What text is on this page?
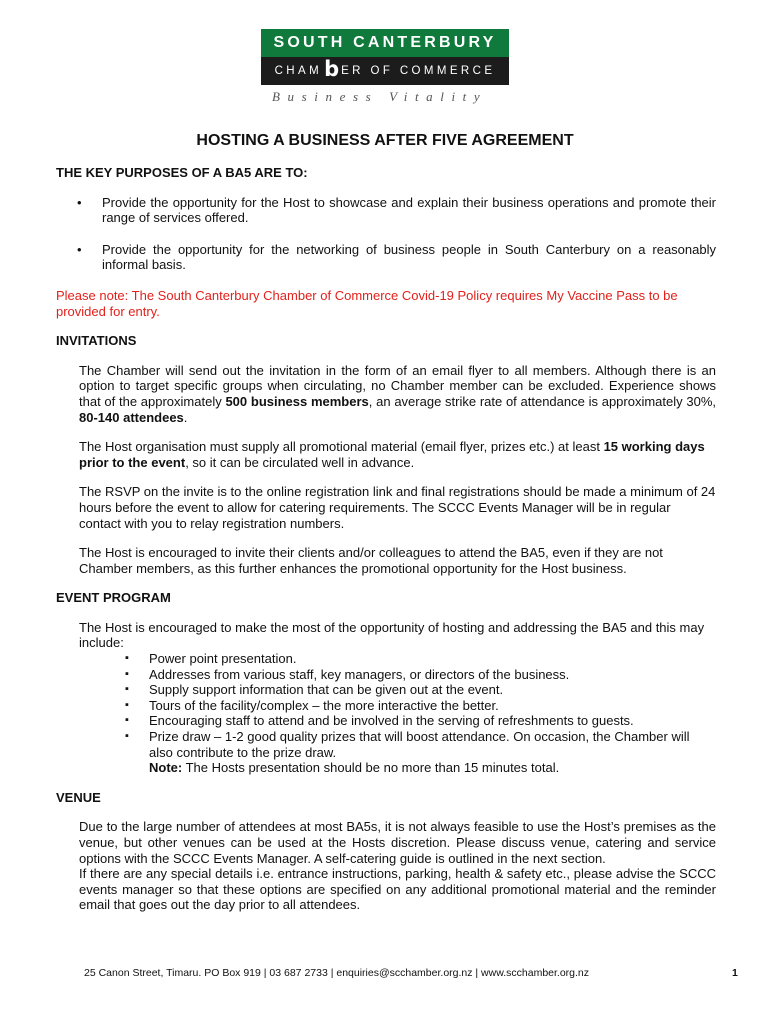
SOUTH CANTERBURY
CHAMb ER OF COMMERCE
Business Vitality
HOSTING A BUSINESS AFTER FIVE AGREEMENT

THE KEY PURPOSES OF A BA5 ARE TO:

• Provide the opportunity for the Host to showcase and explain their business operations and promote their range of services offered.
• Provide the opportunity for the networking of business people in South Canterbury on a reasonably informal basis.

Please note: The South Canterbury Chamber of Commerce Covid-19 Policy requires My Vaccine Pass to be provided for entry.

INVITATIONS

The Chamber will send out the invitation in the form of an email flyer to all members. Although there is an option to target specific groups when circulating, no Chamber member can be excluded. Experience shows that of the approximately 500 business members, an average strike rate of attendance is approximately 30%, 80-140 attendees.

The Host organisation must supply all promotional material (email flyer, prizes etc.) at least 15 working days prior to the event, so it can be circulated well in advance.

The RSVP on the invite is to the online registration link and final registrations should be made a minimum of 24 hours before the event to allow for catering requirements. The SCCC Events Manager will be in regular contact with you to relay registration numbers.

The Host is encouraged to invite their clients and/or colleagues to attend the BA5, even if they are not Chamber members, as this further enhances the promotional opportunity for the Host business.

EVENT PROGRAM

The Host is encouraged to make the most of the opportunity of hosting and addressing the BA5 and this may include:

▪ Power point presentation.
▪ Addresses from various staff, key managers, or directors of the business.
▪ Supply support information that can be given out at the event.
▪ Tours of the facility/complex – the more interactive the better.
▪ Encouraging staff to attend and be involved in the serving of refreshments to guests.
▪ Prize draw – 1-2 good quality prizes that will boost attendance. On occasion, the Chamber will also contribute to the prize draw.

Note: The Hosts presentation should be no more than 15 minutes total.

VENUE

Due to the large number of attendees at most BA5s, it is not always feasible to use the Host’s premises as the venue, but other venues can be used at the Hosts discretion. Please discuss venue, catering and service options with the SCCC Events Manager. A self-catering guide is outlined in the next section.

If there are any special details i.e. entrance instructions, parking, health & safety etc., please advise the SCCC events manager so that these options are specified on any additional promotional material and the reminder email that goes out the day prior to all attendees.

25 Canon Street, Timaru. PO Box 919 | 03 687 2733 | enquiries@scchamber.org.nz | www.scchamber.org.nz	1
